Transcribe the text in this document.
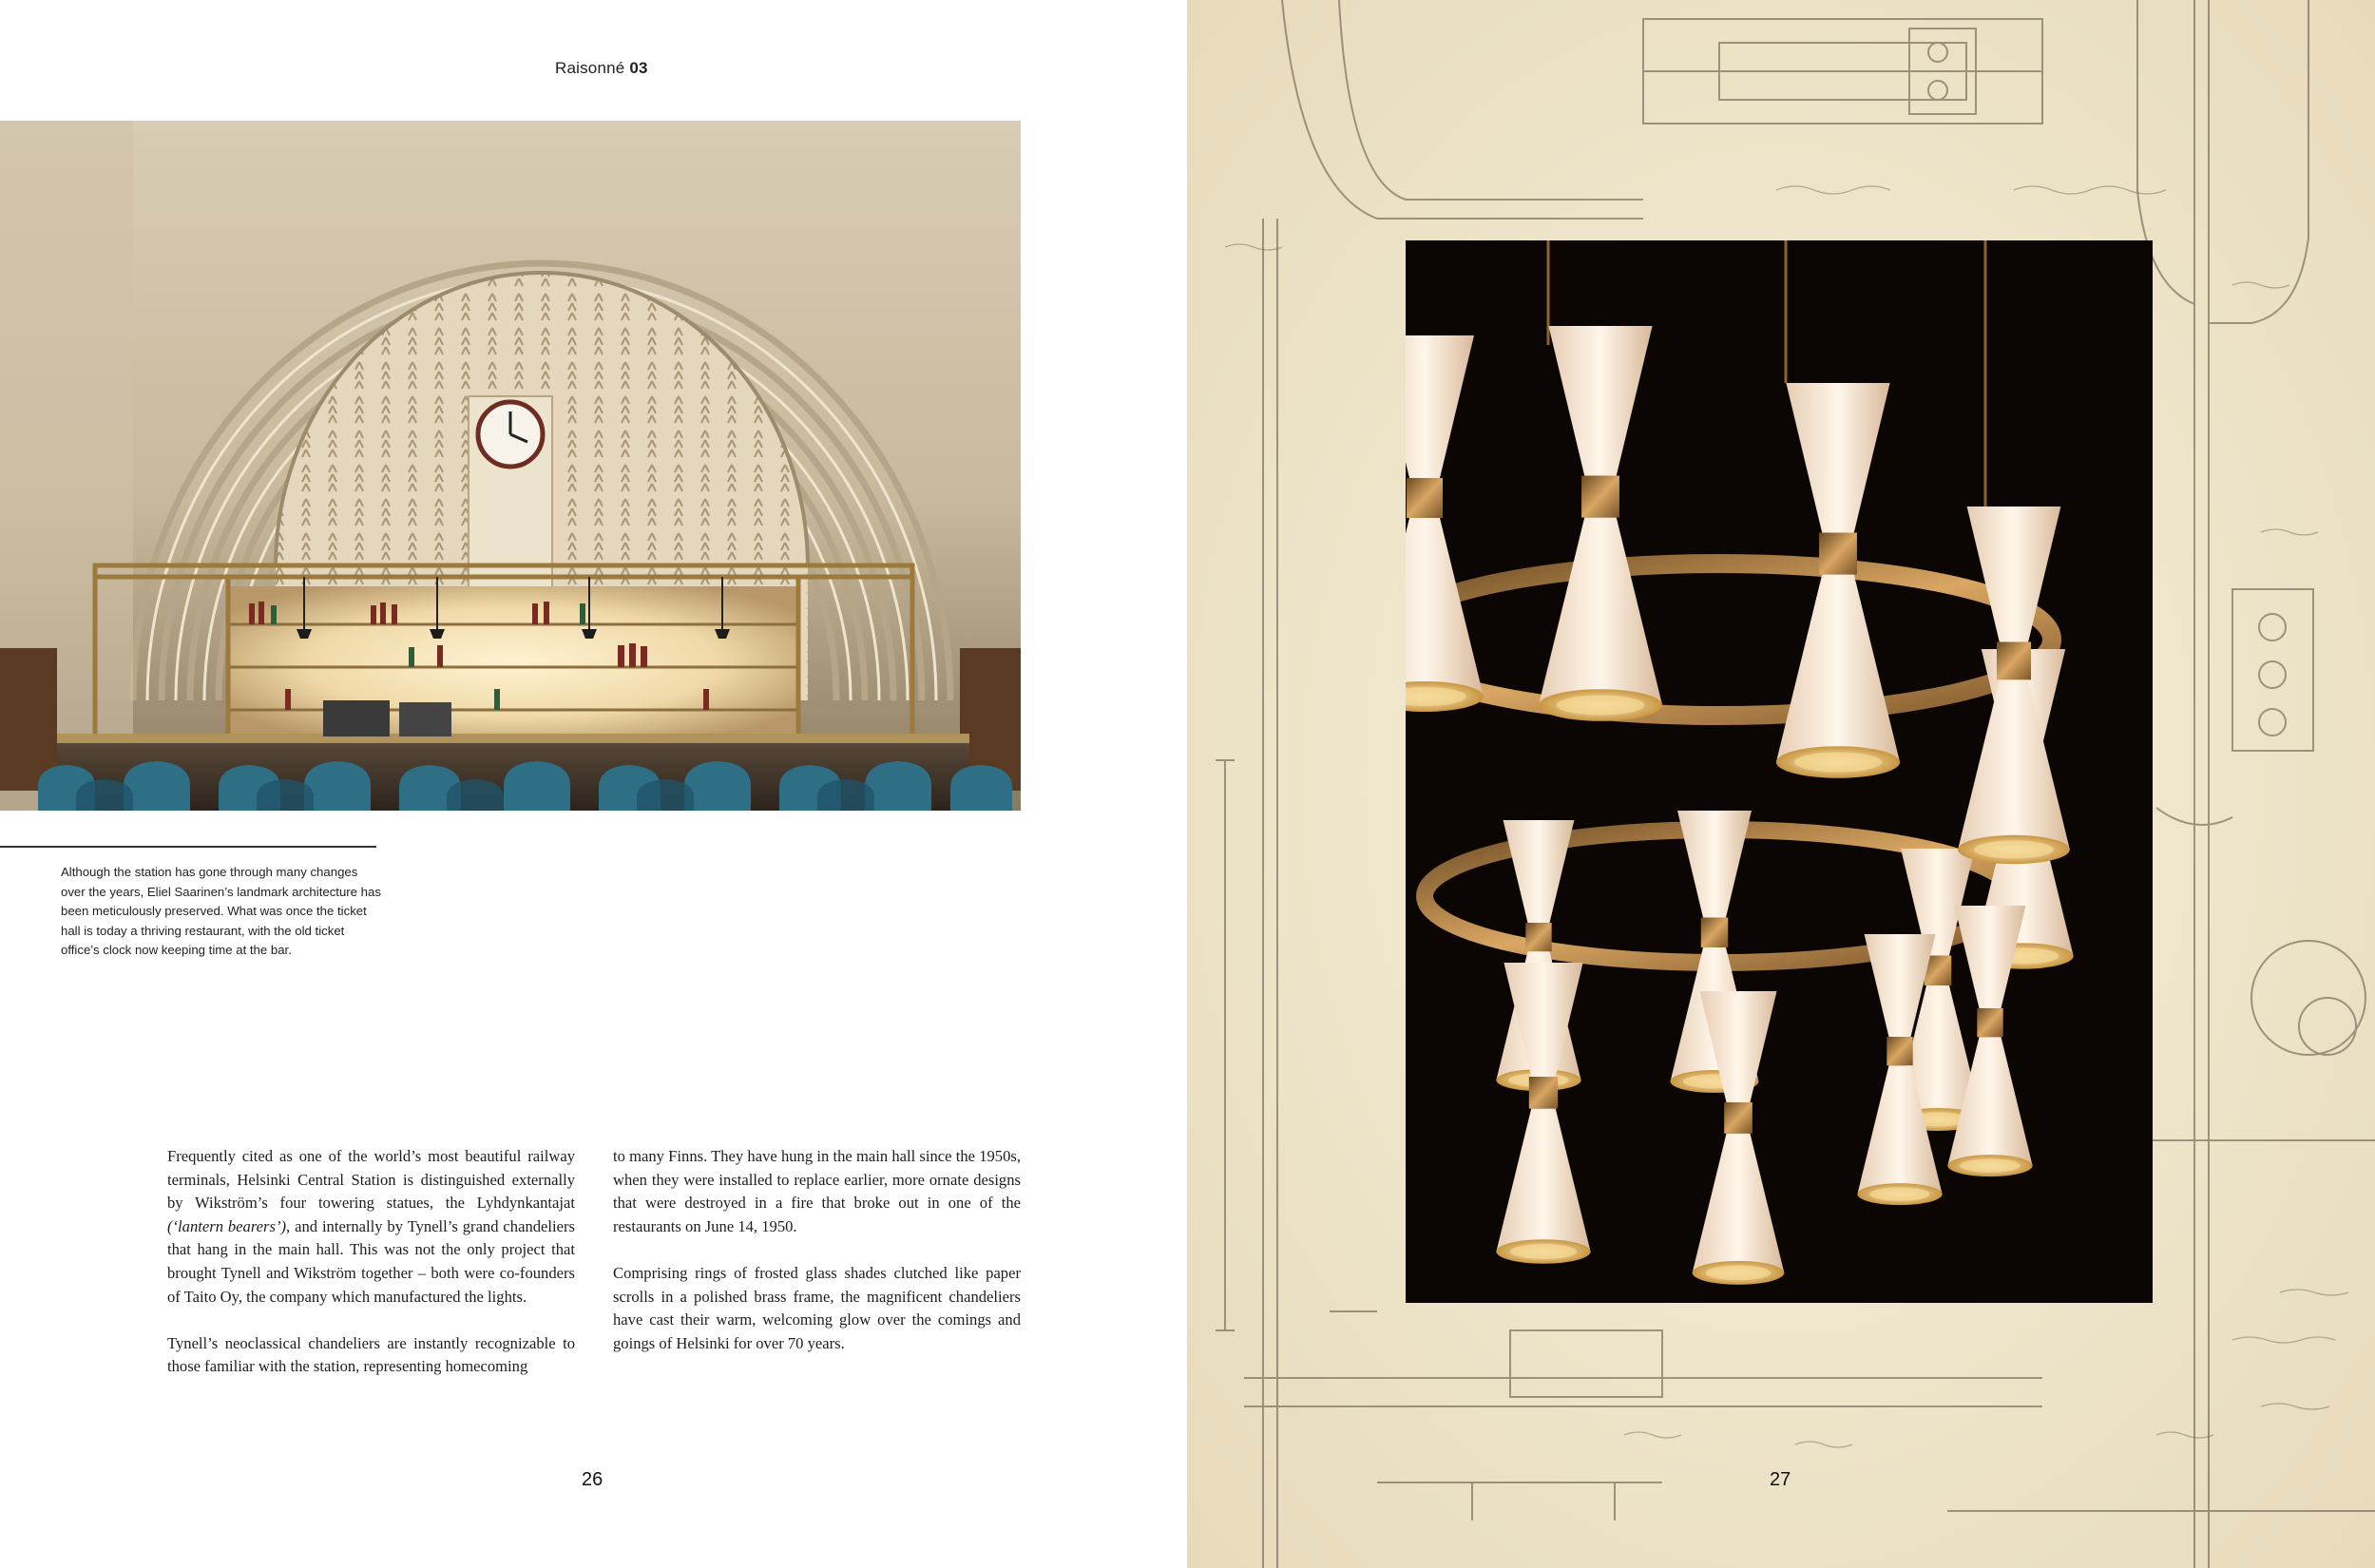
Raisonné 03

Although the station has gone through many changes over the years, Eliel Saarinen’s landmark architecture has been meticulously preserved. What was once the ticket hall is today a thriving restaurant, with the old ticket office’s clock now keeping time at the bar.

Frequently cited as one of the world’s most beautiful railway terminals, Helsinki Central Station is distinguished externally by Wikström’s four towering statues, the Lyhdynkantajat (‘lantern bearers’), and internally by Tynell’s grand chandeliers that hang in the main hall. This was not the only project that brought Tynell and Wikström together – both were co-founders of Taito Oy, the company which manufactured the lights.

Tynell’s neoclassical chandeliers are instantly recognizable to those familiar with the station, representing homecoming

to many Finns. They have hung in the main hall since the 1950s, when they were installed to replace earlier, more ornate designs that were destroyed in a fire that broke out in one of the restaurants on June 14, 1950.

Comprising rings of frosted glass shades clutched like paper scrolls in a polished brass frame, the magnificent chandeliers have cast their warm, welcoming glow over the comings and goings of Helsinki for over 70 years.

26	27
